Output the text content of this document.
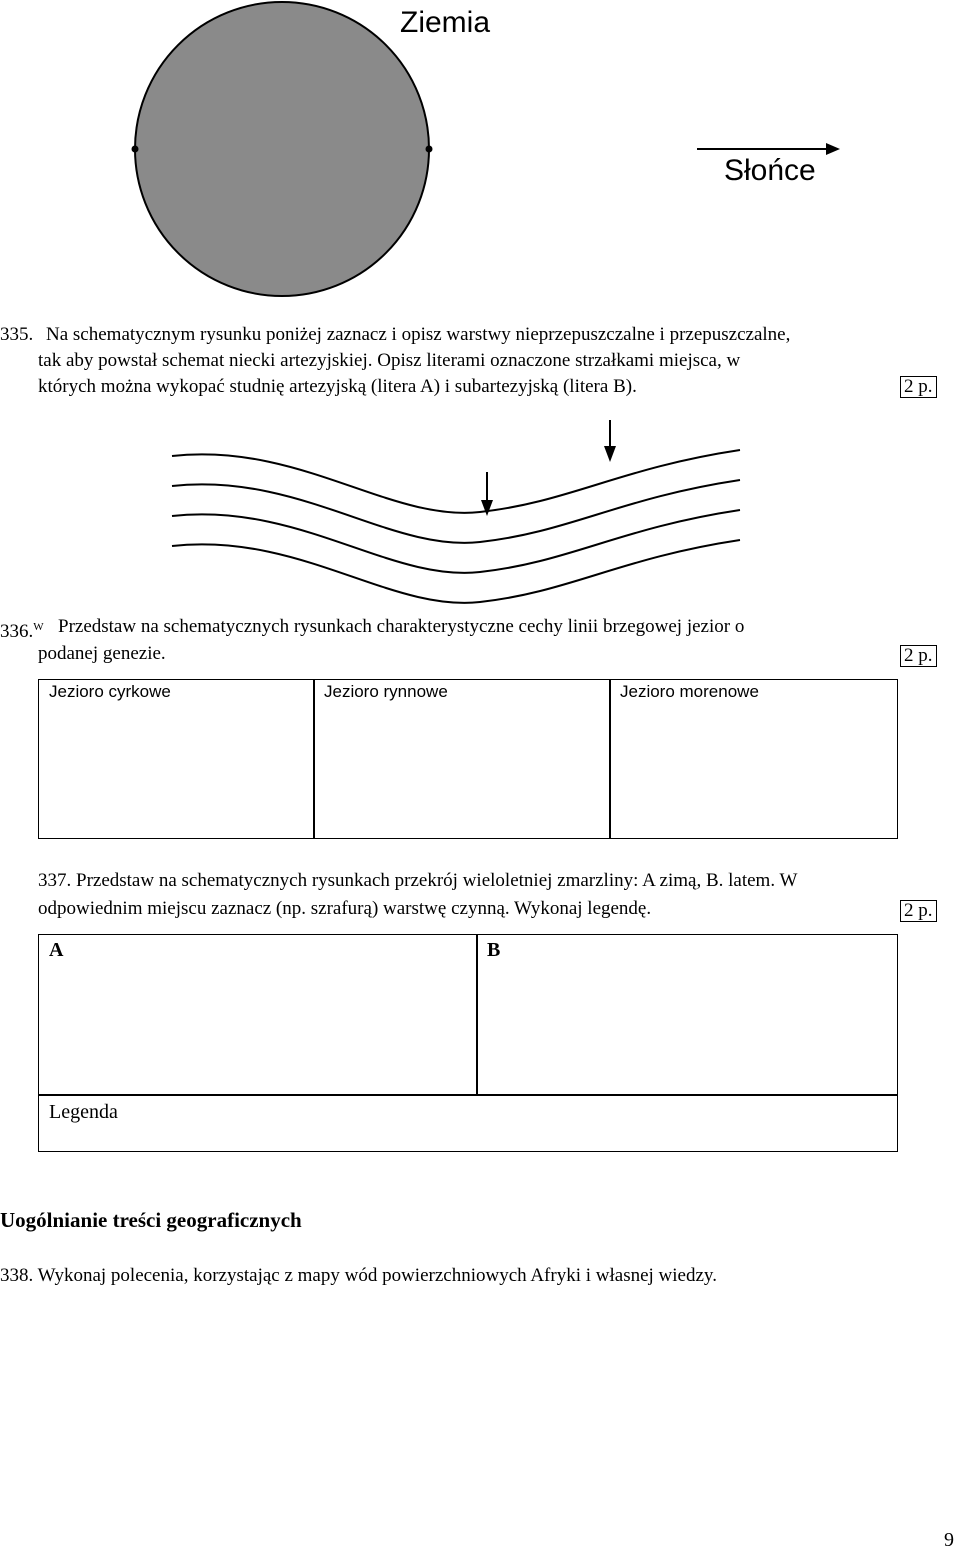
Ziemia
Słońce
335. Na schematycznym rysunku poniżej zaznacz i opisz warstwy nieprzepuszczalne i przepuszczalne,
tak aby powstał schemat niecki artezyjskiej. Opisz literami oznaczone strzałkami miejsca, w
których można wykopać studnię artezyjską (litera A) i subartezyjską (litera B).	2 p.
336.$^W$ Przedstaw na schematycznych rysunkach charakterystyczne cechy linii brzegowej jezior o
podanej genezie.	2 p.
Jezioro cyrkowe	Jezioro rynnowe	Jezioro morenowe
337. Przedstaw na schematycznych rysunkach przekrój wieloletniej zmarzliny: A zimą, B. latem. W
odpowiednim miejscu zaznacz (np. szrafurą) warstwę czynną. Wykonaj legendę.	2 p.
A	B
Legenda
Uogólnianie treści geograficznych
338. Wykonaj polecenia, korzystając z mapy wód powierzchniowych Afryki i własnej wiedzy.
9
